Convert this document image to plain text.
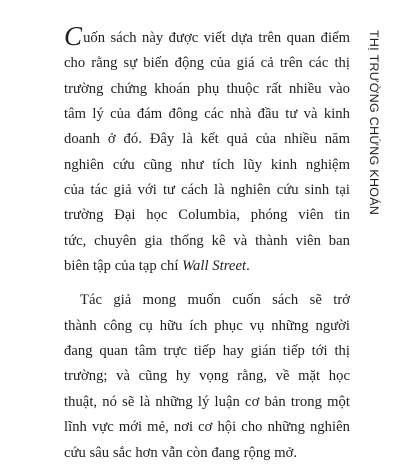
Cuốn sách này được viết dựa trên quan điểm
cho rằng sự biến động của giá cả trên các thị
trường chứng khoán phụ thuộc rất nhiều vào
tâm lý của đám đông các nhà đầu tư và kinh
doanh ở đó. Đây là kết quả của nhiều năm
nghiên cứu cũng như tích lũy kinh nghiệm
của tác giả với tư cách là nghiên cứu sinh tại
trường Đại học Columbia, phóng viên tin
tức, chuyên gia thống kê và thành viên ban
biên tập của tạp chí Wall Street.

Tác giả mong muốn cuốn sách sẽ trở
thành công cụ hữu ích phục vụ những người
đang quan tâm trực tiếp hay gián tiếp tới thị
trường; và cũng hy vọng rằng, về mặt học
thuật, nó sẽ là những lý luận cơ bản trong một
lĩnh vực mới mẻ, nơi cơ hội cho những nghiên
cứu sâu sắc hơn vẫn còn đang rộng mở.

THỊ TRƯỜNG CHỨNG KHOÁN
